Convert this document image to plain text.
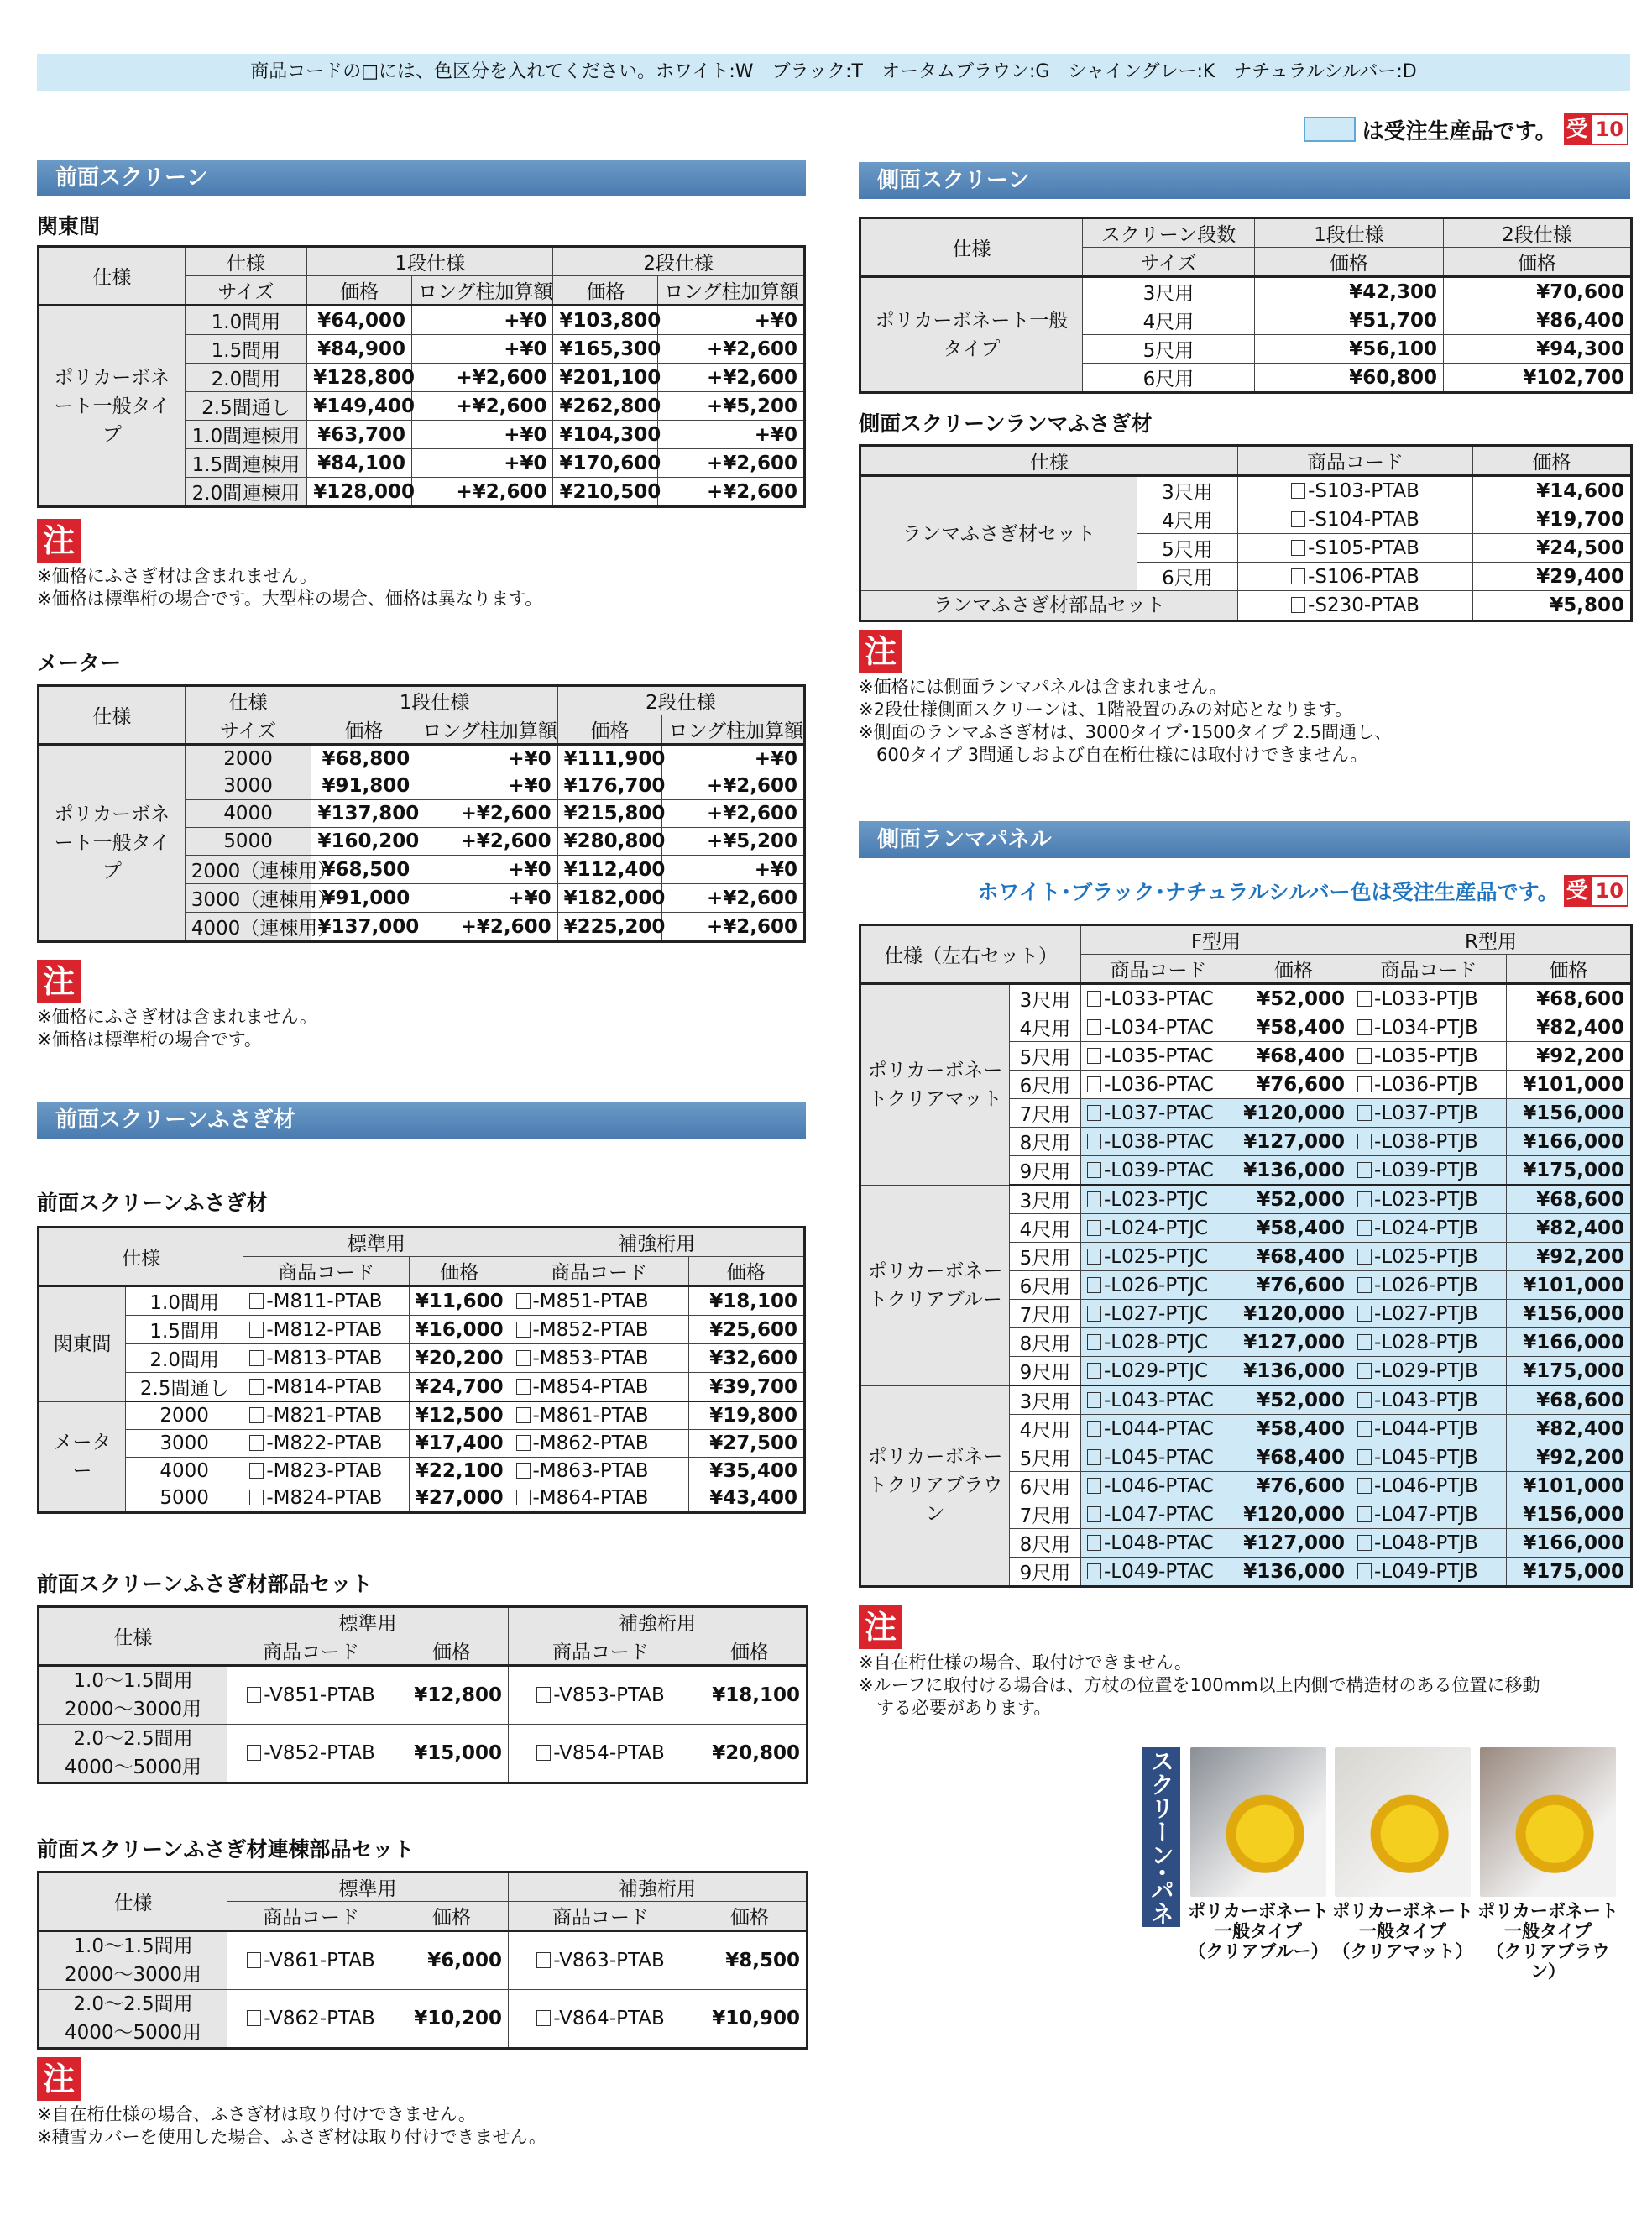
商品コードの□には、色区分を入れてください。ホワイト:W　ブラック:T　オータムブラウン:G　シャイングレー:K　ナチュラルシルバー:D
は受注生産品です。 受 10
前面スクリーン
関東間
仕様	仕様	1段仕様		2段仕様	
	サイズ	価格	ロング柱加算額	価格	ロング柱加算額
ポリカーボネート一般タイプ	1.0間用	¥64,000	+¥0	¥103,800	+¥0
	1.5間用	¥84,900	+¥0	¥165,300	+¥2,600
	2.0間用	¥128,800	+¥2,600	¥201,100	+¥2,600
	2.5間通し	¥149,400	+¥2,600	¥262,800	+¥5,200
	1.0間連棟用	¥63,700	+¥0	¥104,300	+¥0
	1.5間連棟用	¥84,100	+¥0	¥170,600	+¥2,600
	2.0間連棟用	¥128,000	+¥2,600	¥210,500	+¥2,600
注
※価格にふさぎ材は含まれません。
※価格は標準桁の場合です。大型柱の場合、価格は異なります。
メーター
仕様	仕様	1段仕様		2段仕様	
	サイズ	価格	ロング柱加算額	価格	ロング柱加算額
ポリカーボネート一般タイプ	2000	¥68,800	+¥0	¥111,900	+¥0
	3000	¥91,800	+¥0	¥176,700	+¥2,600
	4000	¥137,800	+¥2,600	¥215,800	+¥2,600
	5000	¥160,200	+¥2,600	¥280,800	+¥5,200
	2000（連棟用）	¥68,500	+¥0	¥112,400	+¥0
	3000（連棟用）	¥91,000	+¥0	¥182,000	+¥2,600
	4000（連棟用）	¥137,000	+¥2,600	¥225,200	+¥2,600
注
※価格にふさぎ材は含まれません。
※価格は標準桁の場合です。
前面スクリーンふさぎ材
前面スクリーンふさぎ材
仕様		標準用		補強桁用	
		商品コード	価格	商品コード	価格
関東間	1.0間用	-M811-PTAB	¥11,600	-M851-PTAB	¥18,100
	1.5間用	-M812-PTAB	¥16,000	-M852-PTAB	¥25,600
	2.0間用	-M813-PTAB	¥20,200	-M853-PTAB	¥32,600
	2.5間通し	-M814-PTAB	¥24,700	-M854-PTAB	¥39,700
メーター	2000	-M821-PTAB	¥12,500	-M861-PTAB	¥19,800
	3000	-M822-PTAB	¥17,400	-M862-PTAB	¥27,500
	4000	-M823-PTAB	¥22,100	-M863-PTAB	¥35,400
	5000	-M824-PTAB	¥27,000	-M864-PTAB	¥43,400
前面スクリーンふさぎ材部品セット
仕様	標準用		補強桁用	
	商品コード	価格	商品コード	価格

1.0～1.5間用
2000～3000用	-V851-PTAB	¥12,800	-V853-PTAB	¥18,100

2.0～2.5間用
4000～5000用	-V852-PTAB	¥15,000	-V854-PTAB	¥20,800
前面スクリーンふさぎ材連棟部品セット
仕様	標準用		補強桁用	
	商品コード	価格	商品コード	価格

1.0～1.5間用
2000～3000用	-V861-PTAB	¥6,000	-V863-PTAB	¥8,500

2.0～2.5間用
4000～5000用	-V862-PTAB	¥10,200	-V864-PTAB	¥10,900
注
※自在桁仕様の場合、ふさぎ材は取り付けできません。
※積雪カバーを使用した場合、ふさぎ材は取り付けできません。
側面スクリーン
仕様	スクリーン段数	1段仕様	2段仕様
	サイズ	価格	価格
ポリカーボネート一般タイプ	3尺用	¥42,300	¥70,600
	4尺用	¥51,700	¥86,400
	5尺用	¥56,100	¥94,300
	6尺用	¥60,800	¥102,700
側面スクリーンランマふさぎ材
仕様		商品コード	価格
ランマふさぎ材セット	3尺用	-S103-PTAB	¥14,600
	4尺用	-S104-PTAB	¥19,700
	5尺用	-S105-PTAB	¥24,500
	6尺用	-S106-PTAB	¥29,400
ランマふさぎ材部品セット		-S230-PTAB	¥5,800
注
※価格には側面ランマパネルは含まれません。
※2段仕様側面スクリーンは、1階設置のみの対応となります。
※側面のランマふさぎ材は、3000タイプ･1500タイプ 2.5間通し、
　600タイプ 3間通しおよび自在桁仕様には取付けできません。
側面ランマパネル
ホワイト･ブラック･ナチュラルシルバー色は受注生産品です。 受 10
仕様（左右セット）		F型用		R型用	
		商品コード	価格	商品コード	価格
ポリカーボネートクリアマット	3尺用	-L033-PTAC	¥52,000	-L033-PTJB	¥68,600
	4尺用	-L034-PTAC	¥58,400	-L034-PTJB	¥82,400
	5尺用	-L035-PTAC	¥68,400	-L035-PTJB	¥92,200
	6尺用	-L036-PTAC	¥76,600	-L036-PTJB	¥101,000
	7尺用	-L037-PTAC	¥120,000	-L037-PTJB	¥156,000
	8尺用	-L038-PTAC	¥127,000	-L038-PTJB	¥166,000
	9尺用	-L039-PTAC	¥136,000	-L039-PTJB	¥175,000
ポリカーボネートクリアブルー	3尺用	-L023-PTJC	¥52,000	-L023-PTJB	¥68,600
	4尺用	-L024-PTJC	¥58,400	-L024-PTJB	¥82,400
	5尺用	-L025-PTJC	¥68,400	-L025-PTJB	¥92,200
	6尺用	-L026-PTJC	¥76,600	-L026-PTJB	¥101,000
	7尺用	-L027-PTJC	¥120,000	-L027-PTJB	¥156,000
	8尺用	-L028-PTJC	¥127,000	-L028-PTJB	¥166,000
	9尺用	-L029-PTJC	¥136,000	-L029-PTJB	¥175,000
ポリカーボネートクリアブラウン	3尺用	-L043-PTAC	¥52,000	-L043-PTJB	¥68,600
	4尺用	-L044-PTAC	¥58,400	-L044-PTJB	¥82,400
	5尺用	-L045-PTAC	¥68,400	-L045-PTJB	¥92,200
	6尺用	-L046-PTAC	¥76,600	-L046-PTJB	¥101,000
	7尺用	-L047-PTAC	¥120,000	-L047-PTJB	¥156,000
	8尺用	-L048-PTAC	¥127,000	-L048-PTJB	¥166,000
	9尺用	-L049-PTAC	¥136,000	-L049-PTJB	¥175,000
注
※自在桁仕様の場合、取付けできません。
※ルーフに取付ける場合は、方杖の位置を100mm以上内側で構造材のある位置に移動
　する必要があります。
スクリーン･パネル
ポリカーボネート
一般タイプ
（クリアブルー）
ポリカーボネート
一般タイプ
（クリアマット）
ポリカーボネート
一般タイプ
（クリアブラウン）
